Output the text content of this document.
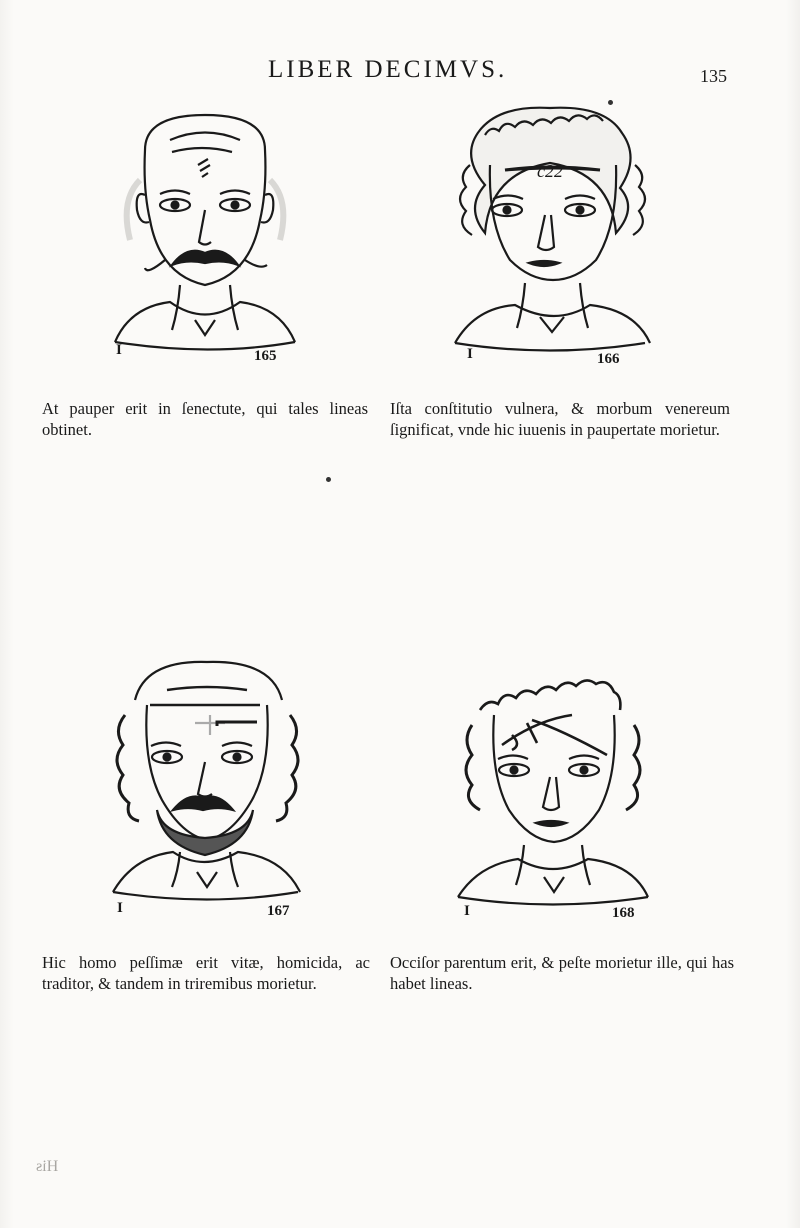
LIBER DECIMVS.	135
I	165
c22
I	166
At pauper erit in ſenectute, qui tales lineas obtinet.
Iſta conſtitutio vulnera, & morbum venereum ſignificat, vnde hic iuuenis in paupertate morietur.
I	167	I	168
Hic homo peſſimæ erit vitæ, homicida, ac traditor, & tandem in triremibus morietur.
Occiſor parentum erit, & peſte morietur ille, qui has habet lineas.
His
